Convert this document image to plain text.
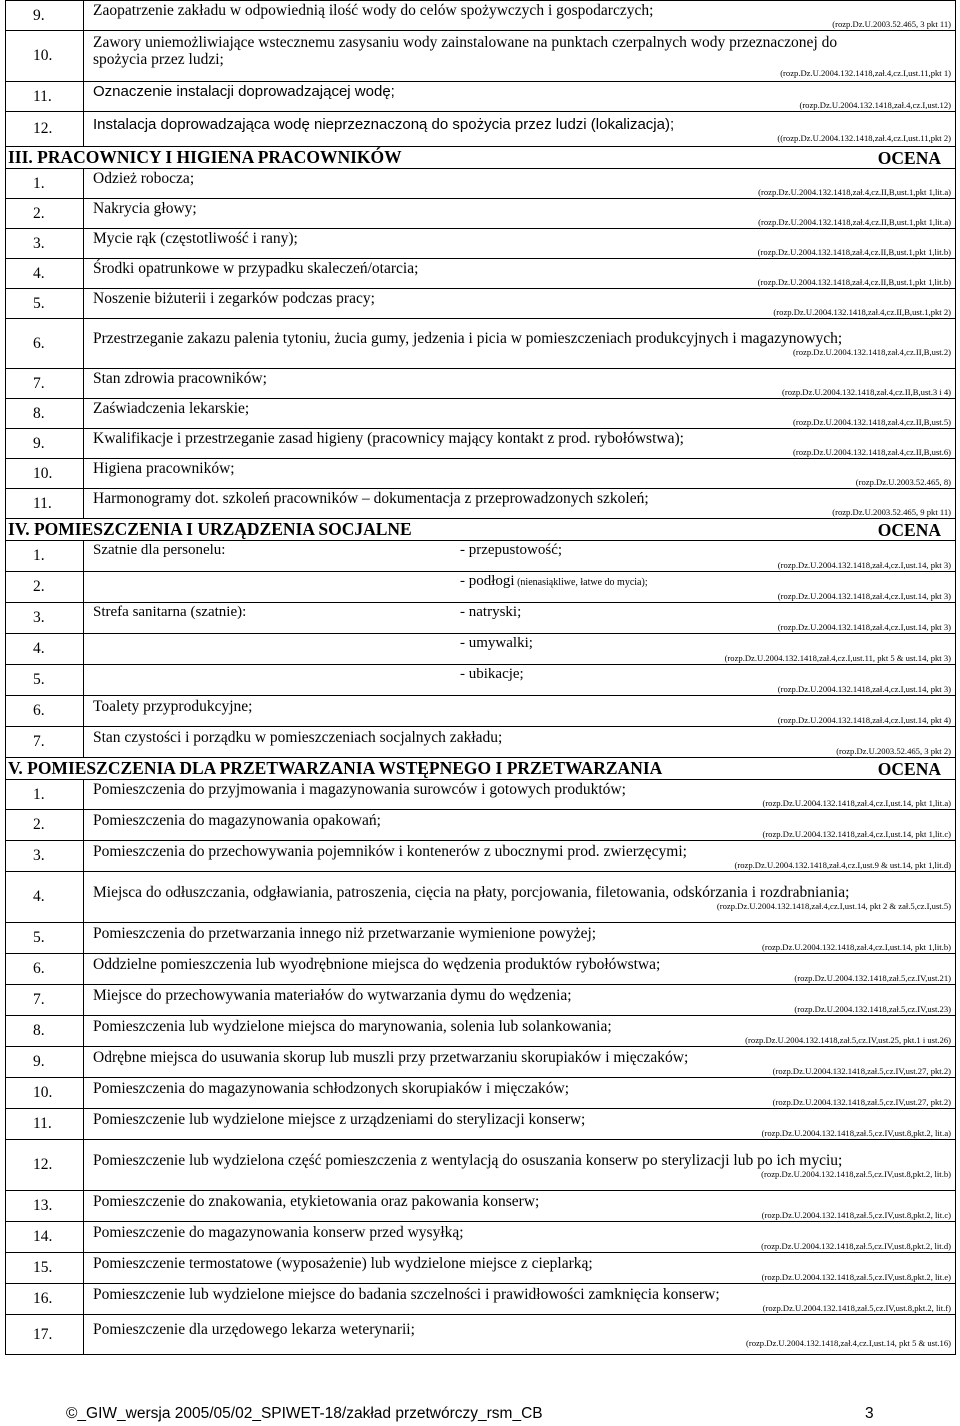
9.	Zaopatrzenie zakładu w odpowiednią ilość wody do celów spożywczych i gospodarczych;
(rozp.Dz.U.2003.52.465, 3 pkt 11)

10.	Zawory uniemożliwiające wstecznemu zasysaniu wody zainstalowane na punktach czerpalnych wody przeznaczonej do spożycia przez ludzi;
(rozp.Dz.U.2004.132.1418,zał.4,cz.I,ust.11,pkt 1)

11.	Oznaczenie instalacji doprowadzającej wodę;
(rozp.Dz.U.2004.132.1418,zał.4,cz.I,ust.12)

12.	Instalacja doprowadzająca wodę nieprzeznaczoną do spożycia przez ludzi (lokalizacja);
((rozp.Dz.U.2004.132.1418,zał.4,cz.I,ust.11,pkt 2)

III. PRACOWNICY I HIGIENA PRACOWNIKÓW OCENA	

1.	Odzież robocza;
(rozp.Dz.U.2004.132.1418,zał.4,cz.II,B,ust.1,pkt 1,lit.a)

2.	Nakrycia głowy;
(rozp.Dz.U.2004.132.1418,zał.4,cz.II,B,ust.1,pkt 1,lit.a)

3.	Mycie rąk (częstotliwość i rany);
(rozp.Dz.U.2004.132.1418,zał.4,cz.II,B,ust.1,pkt 1,lit.b)

4.	Środki opatrunkowe w przypadku skaleczeń/otarcia;
(rozp.Dz.U.2004.132.1418,zał.4,cz.II,B,ust.1,pkt 1,lit.b)

5.	Noszenie biżuterii i zegarków podczas pracy;
(rozp.Dz.U.2004.132.1418,zał.4,cz.II,B,ust.1,pkt 2)

6.	Przestrzeganie zakazu palenia tytoniu, żucia gumy, jedzenia i picia w pomieszczeniach produkcyjnych i magazynowych;
(rozp.Dz.U.2004.132.1418,zał.4,cz.II,B,ust.2)

7.	Stan zdrowia pracowników;
(rozp.Dz.U.2004.132.1418,zał.4,cz.II,B,ust.3 i 4)

8.	Zaświadczenia lekarskie;
(rozp.Dz.U.2004.132.1418,zał.4,cz.II,B,ust.5)

9.	Kwalifikacje i przestrzeganie zasad higieny (pracownicy mający kontakt z prod. rybołówstwa);
(rozp.Dz.U.2004.132.1418,zał.4,cz.II,B,ust.6)

10.	Higiena pracowników;
(rozp.Dz.U.2003.52.465, 8)

11.	Harmonogramy dot. szkoleń pracowników – dokumentacja z przeprowadzonych szkoleń;
(rozp.Dz.U.2003.52.465, 9 pkt 11)

IV. POMIESZCZENIA I URZĄDZENIA SOCJALNE OCENA	

1.	Szatnie dla personelu: - przepustowość;
(rozp.Dz.U.2004.132.1418,zał.4,cz.I,ust.14, pkt 3)

2.	- podłogi (nienasiąkliwe, łatwe do mycia);
(rozp.Dz.U.2004.132.1418,zał.4,cz.I,ust.14, pkt 3)

3.	Strefa sanitarna (szatnie): - natryski;
(rozp.Dz.U.2004.132.1418,zał.4,cz.I,ust.14, pkt 3)

4.	- umywalki;
(rozp.Dz.U.2004.132.1418,zał.4,cz.I,ust.11, pkt 5 & ust.14, pkt 3)

5.	- ubikacje;
(rozp.Dz.U.2004.132.1418,zał.4,cz.I,ust.14, pkt 3)

6.	Toalety przyprodukcyjne;
(rozp.Dz.U.2004.132.1418,zał.4,cz.I,ust.14, pkt 4)

7.	Stan czystości i porządku w pomieszczeniach socjalnych zakładu;
(rozp.Dz.U.2003.52.465, 3 pkt 2)

V. POMIESZCZENIA DLA PRZETWARZANIA WSTĘPNEGO I PRZETWARZANIA OCENA	

1.	Pomieszczenia do przyjmowania i magazynowania surowców i gotowych produktów;
(rozp.Dz.U.2004.132.1418,zał.4,cz.I,ust.14, pkt 1,lit.a)

2.	Pomieszczenia do magazynowania opakowań;
(rozp.Dz.U.2004.132.1418,zał.4,cz.I,ust.14, pkt 1,lit.c)

3.	Pomieszczenia do przechowywania pojemników i kontenerów z ubocznymi prod. zwierzęcymi;
(rozp.Dz.U.2004.132.1418,zał.4,cz.I,ust.9 & ust.14, pkt 1,lit.d)

4.	Miejsca do odłuszczania, odgławiania, patroszenia, cięcia na płaty, porcjowania, filetowania, odskórzania i rozdrabniania;
(rozp.Dz.U.2004.132.1418,zał.4,cz.I,ust.14, pkt 2 & zał.5,cz.I,ust.5)

5.	Pomieszczenia do przetwarzania innego niż przetwarzanie wymienione powyżej;
(rozp.Dz.U.2004.132.1418,zał.4,cz.I,ust.14, pkt 1,lit.b)

6.	Oddzielne pomieszczenia lub wyodrębnione miejsca do wędzenia produktów rybołówstwa;
(rozp.Dz.U.2004.132.1418,zał.5,cz.IV,ust.21)

7.	Miejsce do przechowywania materiałów do wytwarzania dymu do wędzenia;
(rozp.Dz.U.2004.132.1418,zał.5,cz.IV,ust.23)

8.	Pomieszczenia lub wydzielone miejsca do marynowania, solenia lub solankowania;
(rozp.Dz.U.2004.132.1418,zał.5,cz.IV,ust.25, pkt.1 i ust.26)

9.	Odrębne miejsca do usuwania skorup lub muszli przy przetwarzaniu skorupiaków i mięczaków;
(rozp.Dz.U.2004.132.1418,zał.5,cz.IV,ust.27, pkt.2)

10.	Pomieszczenia do magazynowania schłodzonych skorupiaków i mięczaków;
(rozp.Dz.U.2004.132.1418,zał.5,cz.IV,ust.27, pkt.2)

11.	Pomieszczenie lub wydzielone miejsce z urządzeniami do sterylizacji konserw;
(rozp.Dz.U.2004.132.1418,zał.5,cz.IV,ust.8,pkt.2, lit.a)

12.	Pomieszczenie lub wydzielona część pomieszczenia z wentylacją do osuszania konserw po sterylizacji lub po ich myciu;
(rozp.Dz.U.2004.132.1418,zał.5,cz.IV,ust.8,pkt.2, lit.b)

13.	Pomieszczenie do znakowania, etykietowania oraz pakowania konserw;
(rozp.Dz.U.2004.132.1418,zał.5,cz.IV,ust.8,pkt.2, lit.c)

14.	Pomieszczenie do magazynowania konserw przed wysyłką;
(rozp.Dz.U.2004.132.1418,zał.5,cz.IV,ust.8,pkt.2, lit.d)

15.	Pomieszczenie termostatowe (wyposażenie) lub wydzielone miejsce z cieplarką;
(rozp.Dz.U.2004.132.1418,zał.5,cz.IV,ust.8,pkt.2, lit.e)

16.	Pomieszczenie lub wydzielone miejsce do badania szczelności i prawidłowości zamknięcia konserw;
(rozp.Dz.U.2004.132.1418,zał.5,cz.IV,ust.8,pkt.2, lit.f)

17.	Pomieszczenie dla urzędowego lekarza weterynarii;
(rozp.Dz.U.2004.132.1418,zał.4,cz.I,ust.14, pkt 5 & ust.16)
©_GIW_wersja 2005/05/02_SPIWET-18/zakład przetwórczy_rsm_CB	3
